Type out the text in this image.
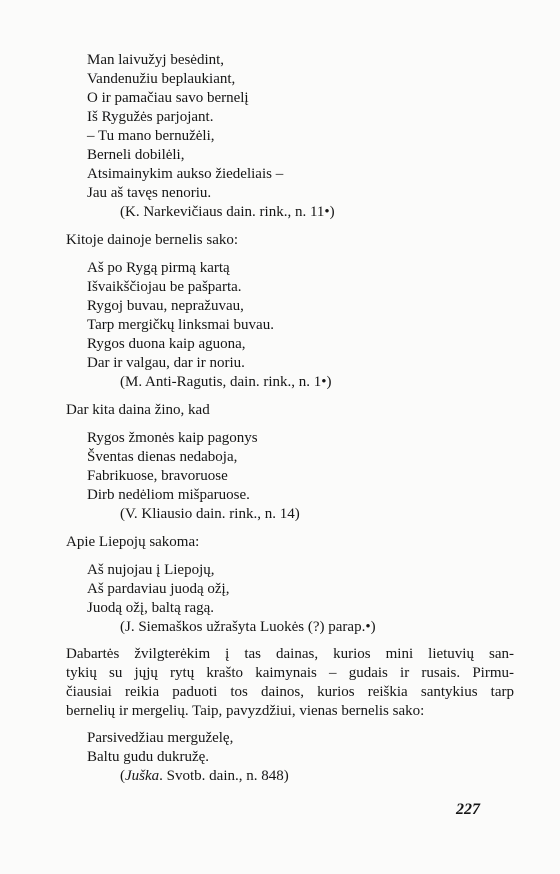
Man laivužyj besėdint,
Vandenužiu beplaukiant,
O ir pamačiau savo bernelį
Iš Rygužės parjojant.
– Tu mano bernužėli,
Berneli dobilėli,
Atsimainykim aukso žiedeliais –
Jau aš tavęs nenoriu.
(K. Narkevičiaus dain. rink., n. 11•)
Kitoje dainoje bernelis sako:
Aš po Rygą pirmą kartą
Išvaikščiojau be pašparta.
Rygoj buvau, nepražuvau,
Tarp mergičkų linksmai buvau.
Rygos duona kaip aguona,
Dar ir valgau, dar ir noriu.
(M. Anti-Ragutis, dain. rink., n. 1•)
Dar kita daina žino, kad
Rygos žmonės kaip pagonys
Šventas dienas nedaboja,
Fabrikuose, bravoruose
Dirb nedėliom mišparuose.
(V. Kliausio dain. rink., n. 14)
Apie Liepojų sakoma:
Aš nujojau į Liepojų,
Aš pardaviau juodą ožį,
Juodą ožį, baltą ragą.
(J. Siemaškos užrašyta Luokės (?) parap.•)
Dabartės žvilgterėkim į tas dainas, kurios mini lietuvių san-
tykių su jųjų rytų krašto kaimynais – gudais ir rusais. Pirmu-
čiausiai reikia paduoti tos dainos, kurios reiškia santykius tarp
bernelių ir mergelių. Taip, pavyzdžiui, vienas bernelis sako:
Parsivedžiau merguželę,
Baltu gudu dukružę.
(Juška. Svotb. dain., n. 848)
227
